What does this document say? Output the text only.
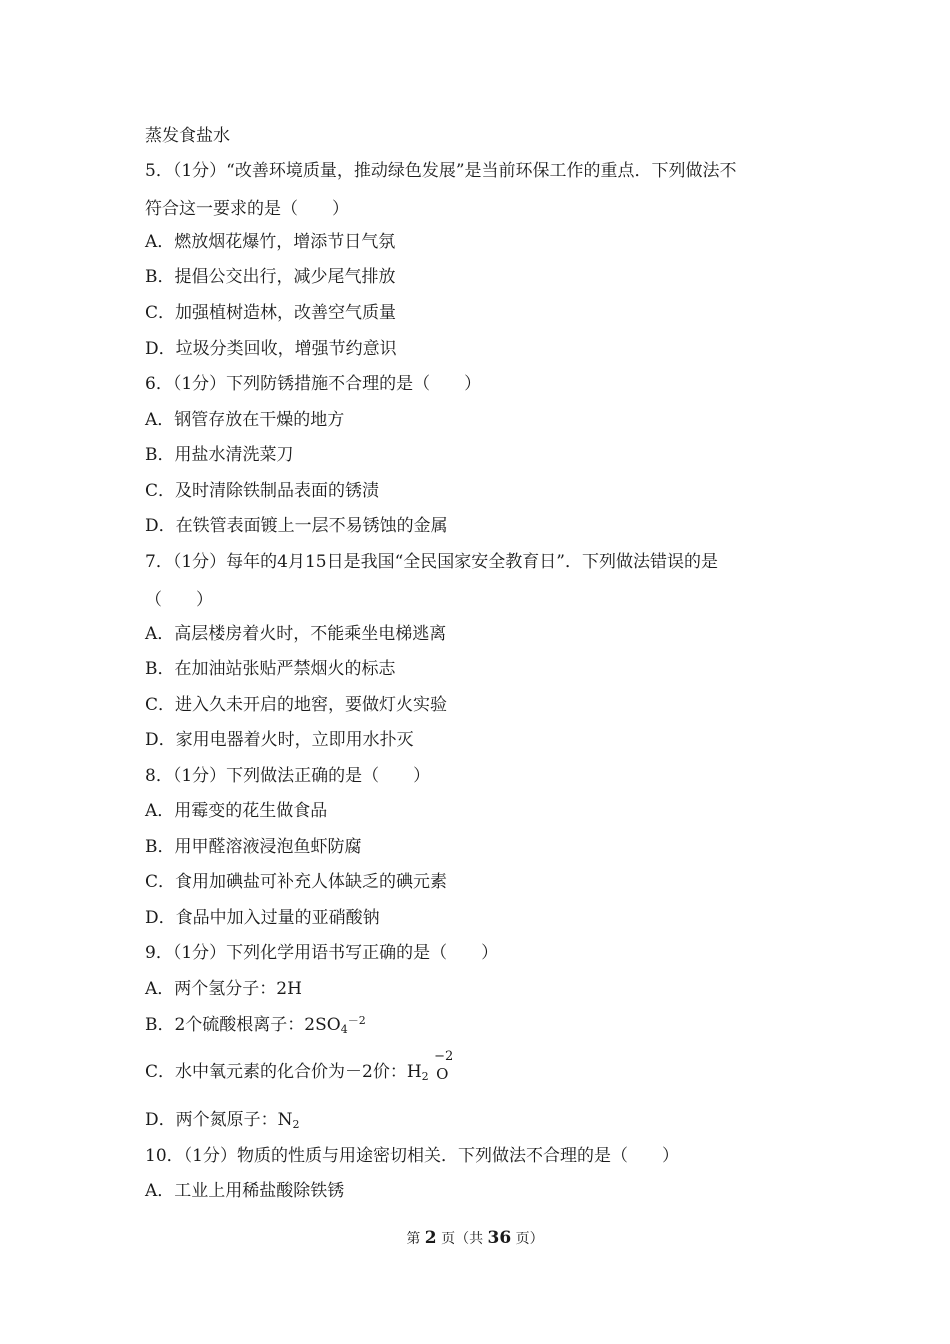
蒸发食盐水
5．（1分）“改善环境质量，推动绿色发展”是当前环保工作的重点．下列做法不
符合这一要求的是（　　）
A．燃放烟花爆竹，增添节日气氛
B．提倡公交出行，减少尾气排放
C．加强植树造林，改善空气质量
D．垃圾分类回收，增强节约意识
6．（1分）下列防锈措施不合理的是（　　）
A．钢管存放在干燥的地方
B．用盐水清洗菜刀
C．及时清除铁制品表面的锈渍
D．在铁管表面镀上一层不易锈蚀的金属
7．（1分）每年的4月15日是我国“全民国家安全教育日”．下列做法错误的是
（　　）
A．高层楼房着火时，不能乘坐电梯逃离
B．在加油站张贴严禁烟火的标志
C．进入久未开启的地窖，要做灯火实验
D．家用电器着火时，立即用水扑灭
8．（1分）下列做法正确的是（　　）
A．用霉变的花生做食品
B．用甲醛溶液浸泡鱼虾防腐
C．食用加碘盐可补充人体缺乏的碘元素
D．食品中加入过量的亚硝酸钠
9．（1分）下列化学用语书写正确的是（　　）
A．两个氢分子：2H
B．2个硫酸根离子：$2SO_4^{-2}$
C．水中氧元素的化合价为－2价：$H_2$
−2
O
D．两个氮原子：$N_2$
10．（1分）物质的性质与用途密切相关．下列做法不合理的是（　　）
A．工业上用稀盐酸除铁锈
第 2 页（共 36 页）
